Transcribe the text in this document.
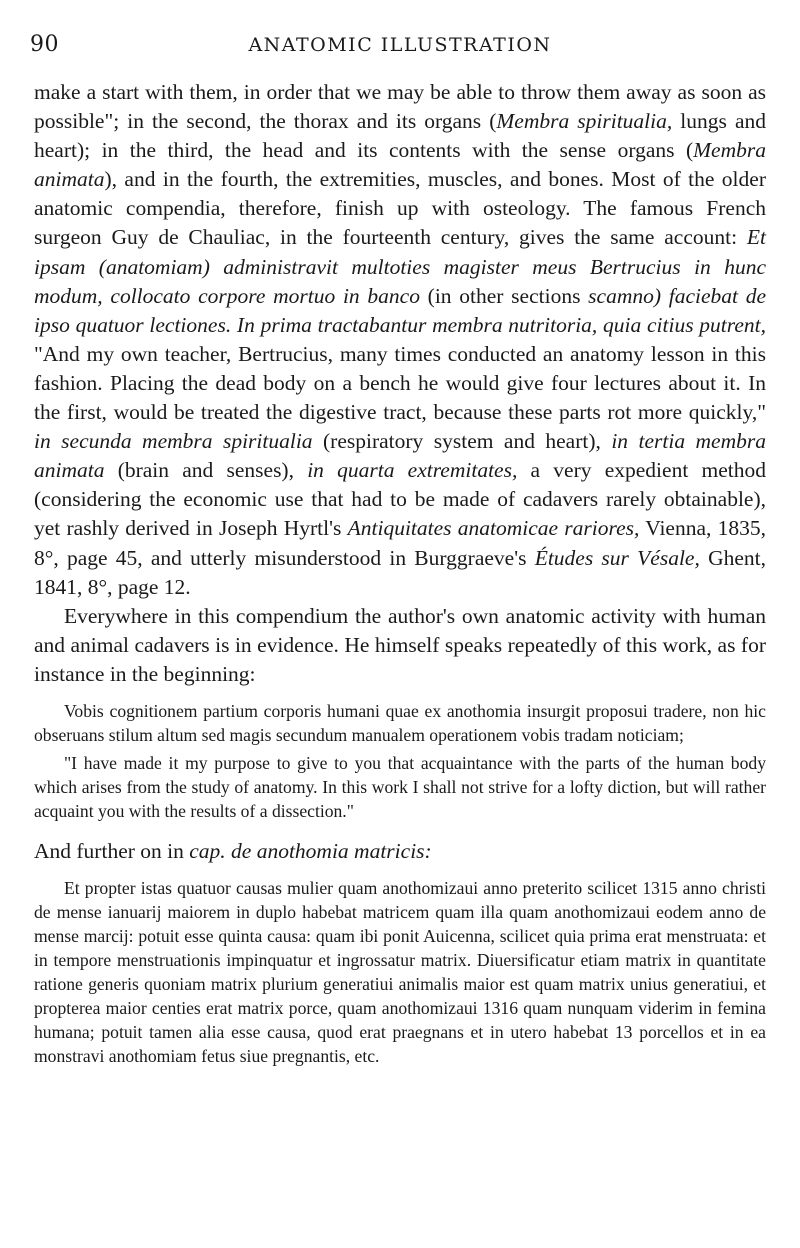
90	ANATOMIC ILLUSTRATION

make a start with them, in order that we may be able to throw them away as soon as possible"; in the second, the thorax and its organs (Membra spiritualia, lungs and heart); in the third, the head and its contents with the sense organs (Membra animata), and in the fourth, the extremities, muscles, and bones. Most of the older anatomic compendia, therefore, finish up with osteology. The famous French surgeon Guy de Chauliac, in the fourteenth century, gives the same account: Et ipsam (anatomiam) administravit multoties magister meus Bertrucius in hunc modum, collocato corpore mortuo in banco (in other sections scamno) faciebat de ipso quatuor lectiones. In prima tractabantur membra nutritoria, quia citius putrent, "And my own teacher, Bertrucius, many times conducted an anatomy lesson in this fashion. Placing the dead body on a bench he would give four lectures about it. In the first, would be treated the digestive tract, because these parts rot more quickly," in secunda membra spiritualia (respiratory system and heart), in tertia membra animata (brain and senses), in quarta extremitates, a very expedient method (considering the economic use that had to be made of cadavers rarely obtainable), yet rashly derived in Joseph Hyrtl's Antiquitates anatomicae rariores, Vienna, 1835, 8°, page 45, and utterly misunderstood in Burggraeve's Études sur Vésale, Ghent, 1841, 8°, page 12.

Everywhere in this compendium the author's own anatomic activity with human and animal cadavers is in evidence. He himself speaks repeatedly of this work, as for instance in the beginning:

Vobis cognitionem partium corporis humani quae ex anothomia insurgit proposui tradere, non hic obseruans stilum altum sed magis secundum manualem operationem vobis tradam noticiam;

"I have made it my purpose to give to you that acquaintance with the parts of the human body which arises from the study of anatomy. In this work I shall not strive for a lofty diction, but will rather acquaint you with the results of a dissection."

And further on in cap. de anothomia matricis:

Et propter istas quatuor causas mulier quam anothomizaui anno preterito scilicet 1315 anno christi de mense ianuarij maiorem in duplo habebat matricem quam illa quam anothomizaui eodem anno de mense marcij: potuit esse quinta causa: quam ibi ponit Auicenna, scilicet quia prima erat menstruata: et in tempore menstruationis impinquatur et ingrossatur matrix. Diuersificatur etiam matrix in quantitate ratione generis quoniam matrix plurium generatiui animalis maior est quam matrix unius generatiui, et propterea maior centies erat matrix porce, quam anothomizaui 1316 quam nunquam viderim in femina humana; potuit tamen alia esse causa, quod erat praegnans et in utero habebat 13 porcellos et in ea monstravi anothomiam fetus siue pregnantis, etc.
